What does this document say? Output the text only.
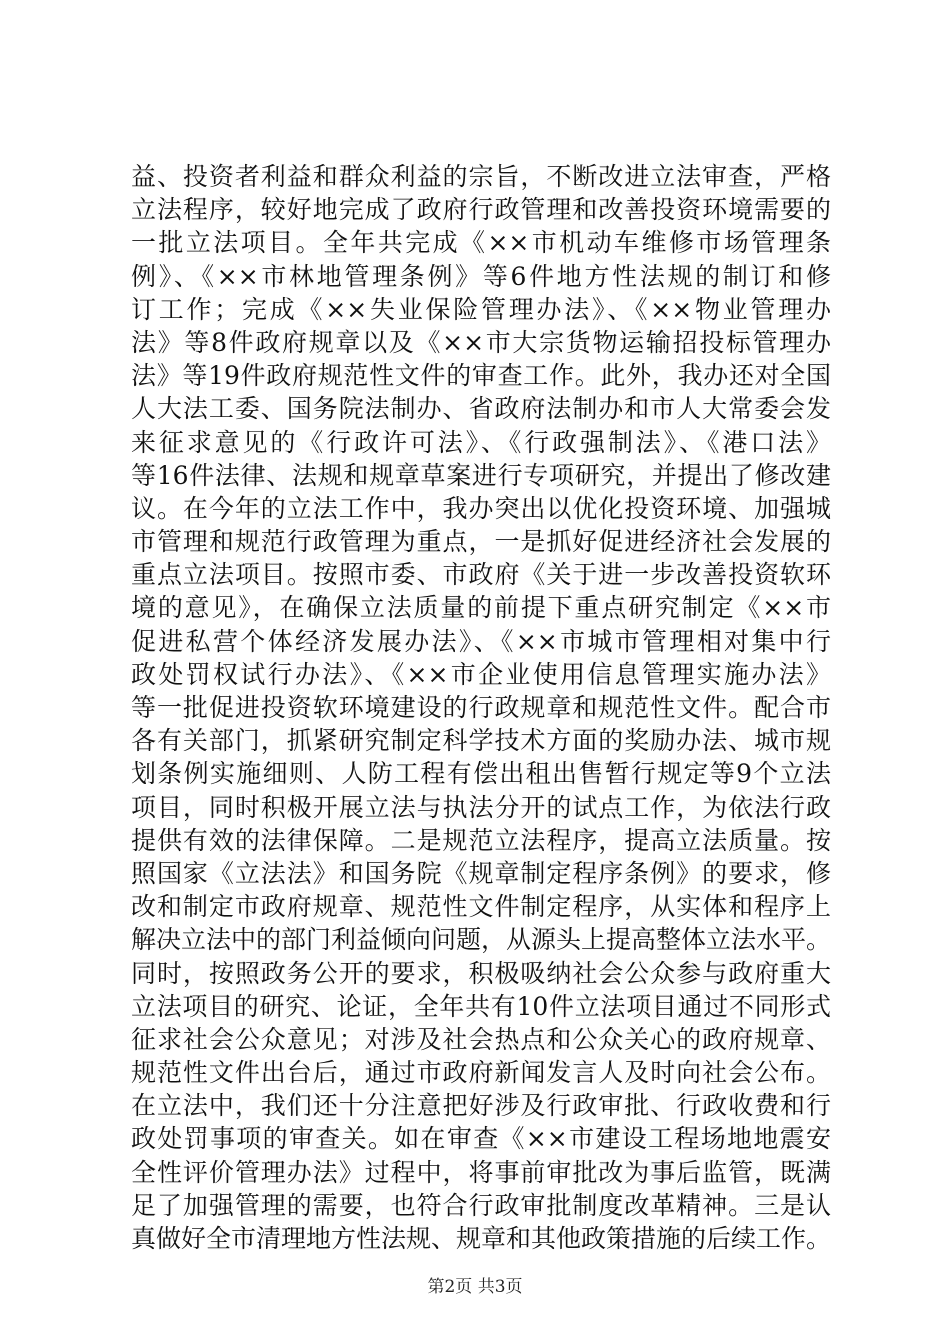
益、投资者利益和群众利益的宗旨，不断改进立法审查，严格
立法程序，较好地完成了政府行政管理和改善投资环境需要的
一批立法项目。全年共完成《××市机动车维修市场管理条
例》、《××市林地管理条例》等6件地方性法规的制订和修
订工作；完成《××失业保险管理办法》、《××物业管理办
法》等8件政府规章以及《××市大宗货物运输招投标管理办
法》等19件政府规范性文件的审查工作。此外，我办还对全国
人大法工委、国务院法制办、省政府法制办和市人大常委会发
来征求意见的《行政许可法》、《行政强制法》、《港口法》
等16件法律、法规和规章草案进行专项研究，并提出了修改建
议。在今年的立法工作中，我办突出以优化投资环境、加强城
市管理和规范行政管理为重点，一是抓好促进经济社会发展的
重点立法项目。按照市委、市政府《关于进一步改善投资软环
境的意见》，在确保立法质量的前提下重点研究制定《××市
促进私营个体经济发展办法》、《××市城市管理相对集中行
政处罚权试行办法》、《××市企业使用信息管理实施办法》
等一批促进投资软环境建设的行政规章和规范性文件。配合市
各有关部门，抓紧研究制定科学技术方面的奖励办法、城市规
划条例实施细则、人防工程有偿出租出售暂行规定等9个立法
项目，同时积极开展立法与执法分开的试点工作，为依法行政
提供有效的法律保障。二是规范立法程序，提高立法质量。按
照国家《立法法》和国务院《规章制定程序条例》的要求，修
改和制定市政府规章、规范性文件制定程序，从实体和程序上
解决立法中的部门利益倾向问题，从源头上提高整体立法水平。
同时，按照政务公开的要求，积极吸纳社会公众参与政府重大
立法项目的研究、论证，全年共有10件立法项目通过不同形式
征求社会公众意见；对涉及社会热点和公众关心的政府规章、
规范性文件出台后，通过市政府新闻发言人及时向社会公布。
在立法中，我们还十分注意把好涉及行政审批、行政收费和行
政处罚事项的审查关。如在审查《××市建设工程场地地震安
全性评价管理办法》过程中，将事前审批改为事后监管，既满
足了加强管理的需要，也符合行政审批制度改革精神。三是认
真做好全市清理地方性法规、规章和其他政策措施的后续工作。
第2页 共3页
